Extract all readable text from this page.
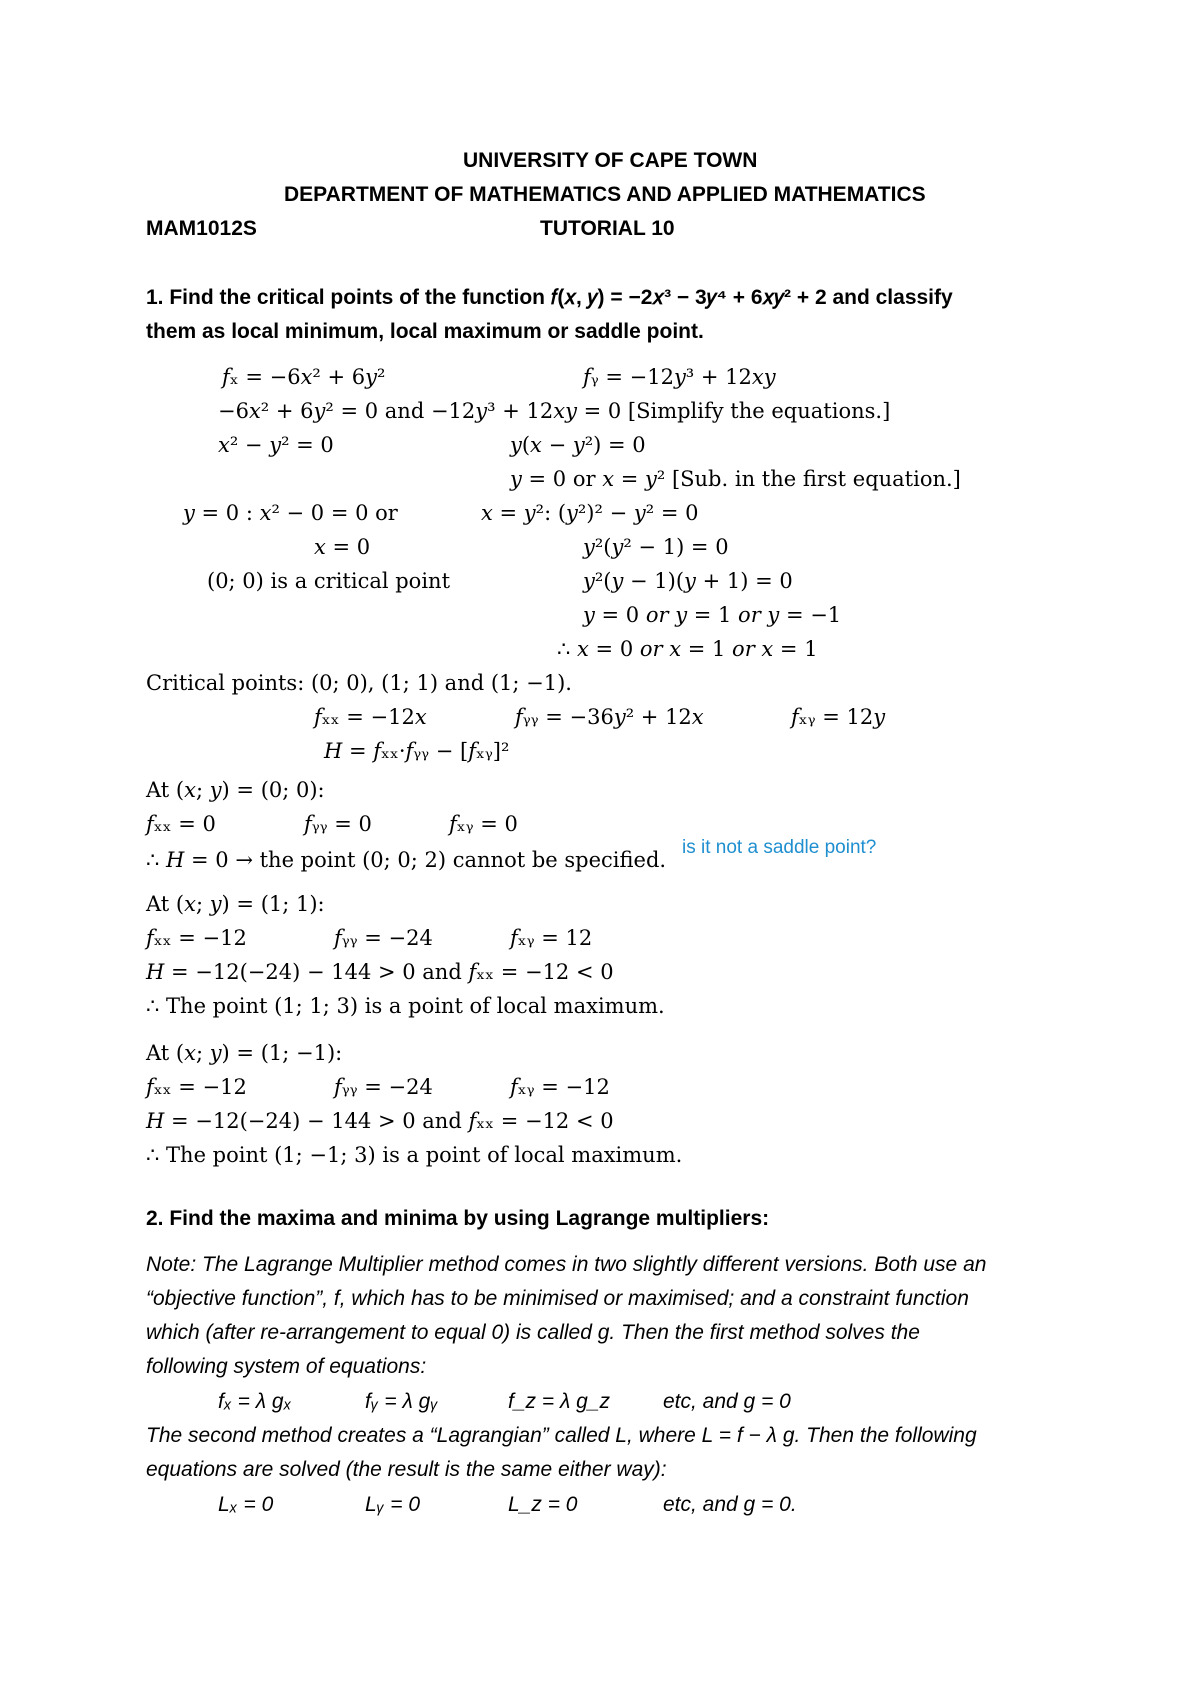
UNIVERSITY OF CAPE TOWN
DEPARTMENT OF MATHEMATICS AND APPLIED MATHEMATICS
MAM1012S	TUTORIAL 10
1. Find the critical points of the function 𝑓(𝑥, 𝑦) = −2𝑥³ − 3𝑦⁴ + 6𝑥𝑦² + 2 and classify
them as local minimum, local maximum or saddle point.
𝑓ₓ = −6𝑥² + 6𝑦²	𝑓ᵧ = −12𝑦³ + 12𝑥𝑦
−6𝑥² + 6𝑦² = 0 and −12𝑦³ + 12𝑥𝑦 = 0 [Simplify the equations.]
𝑥² − 𝑦² = 0	𝑦(𝑥 − 𝑦²) = 0
𝑦 = 0 or 𝑥 = 𝑦² [Sub. in the first equation.]
𝑦 = 0 : 𝑥² − 0 = 0 or	𝑥 = 𝑦²: (𝑦²)² − 𝑦² = 0
𝑥 = 0	𝑦²(𝑦² − 1) = 0
(0; 0) is a critical point	𝑦²(𝑦 − 1)(𝑦 + 1) = 0
𝑦 = 0 𝑜𝑟 𝑦 = 1 𝑜𝑟 𝑦 = −1
∴ 𝑥 = 0 𝑜𝑟 𝑥 = 1 𝑜𝑟 𝑥 = 1
Critical points: (0; 0), (1; 1) and (1; −1).
𝑓ₓₓ = −12𝑥	𝑓ᵧᵧ = −36𝑦² + 12𝑥	𝑓ₓᵧ = 12𝑦
𝐻 = 𝑓ₓₓ·𝑓ᵧᵧ − [𝑓ₓᵧ]²
At (𝑥; 𝑦) = (0; 0):
𝑓ₓₓ = 0	𝑓ᵧᵧ = 0	𝑓ₓᵧ = 0
∴ 𝐻 = 0 → the point (0; 0; 2) cannot be specified.
is it not a saddle point?
At (𝑥; 𝑦) = (1; 1):
𝑓ₓₓ = −12	𝑓ᵧᵧ = −24	𝑓ₓᵧ = 12
𝐻 = −12(−24) − 144 > 0 and 𝑓ₓₓ = −12 < 0
∴ The point (1; 1; 3) is a point of local maximum.
At (𝑥; 𝑦) = (1; −1):
𝑓ₓₓ = −12	𝑓ᵧᵧ = −24	𝑓ₓᵧ = −12
𝐻 = −12(−24) − 144 > 0 and 𝑓ₓₓ = −12 < 0
∴ The point (1; −1; 3) is a point of local maximum.
2. Find the maxima and minima by using Lagrange multipliers:
Note: The Lagrange Multiplier method comes in two slightly different versions. Both use an
“objective function”, f, which has to be minimised or maximised; and a constraint function
which (after re-arrangement to equal 0) is called g. Then the first method solves the
following system of equations:
fₓ = λ gₓ	fᵧ = λ gᵧ	f_z = λ g_z	etc, and g = 0
The second method creates a “Lagrangian” called L, where L = f − λ g. Then the following
equations are solved (the result is the same either way):
Lₓ = 0	Lᵧ = 0	L_z = 0	etc, and g = 0.
